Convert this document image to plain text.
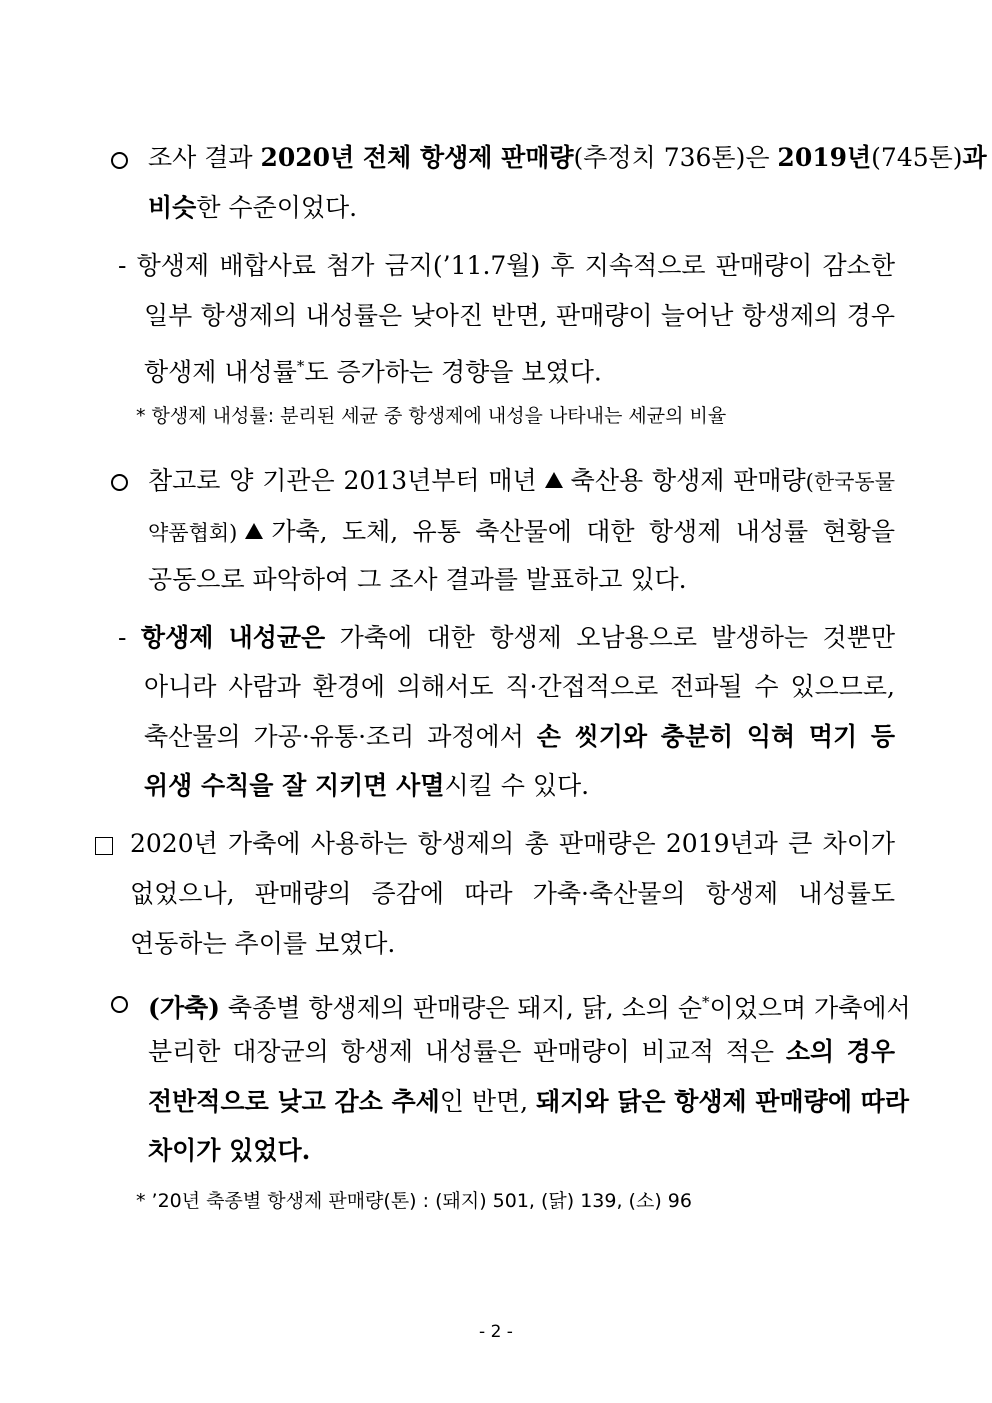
조사 결과 2020년 전체 항생제 판매량(추정치 736톤)은 2019년(745톤)과
비슷한 수준이었다.
- 항생제 배합사료 첨가 금지(’11.7월) 후 지속적으로 판매량이 감소한
일부 항생제의 내성률은 낮아진 반면, 판매량이 늘어난 항생제의 경우
항생제 내성률*도 증가하는 경향을 보였다.
* 항생제 내성률: 분리된 세균 중 항생제에 내성을 나타내는 세균의 비율
참고로 양 기관은 2013년부터 매년 축산용 항생제 판매량(한국동물
약품협회) 가축, 도체, 유통 축산물에 대한 항생제 내성률 현황을
공동으로 파악하여 그 조사 결과를 발표하고 있다.
- 항생제 내성균은 가축에 대한 항생제 오남용으로 발생하는 것뿐만
아니라 사람과 환경에 의해서도 직·간접적으로 전파될 수 있으므로,
축산물의 가공·유통·조리 과정에서 손 씻기와 충분히 익혀 먹기 등
위생 수칙을 잘 지키면 사멸시킬 수 있다.
2020년 가축에 사용하는 항생제의 총 판매량은 2019년과 큰 차이가
없었으나, 판매량의 증감에 따라 가축·축산물의 항생제 내성률도
연동하는 추이를 보였다.
(가축) 축종별 항생제의 판매량은 돼지, 닭, 소의 순*이었으며 가축에서
분리한 대장균의 항생제 내성률은 판매량이 비교적 적은 소의 경우
전반적으로 낮고 감소 추세인 반면, 돼지와 닭은 항생제 판매량에 따라
차이가 있었다.
* ’20년 축종별 항생제 판매량(톤) : (돼지) 501, (닭) 139, (소) 96
- 2 -
